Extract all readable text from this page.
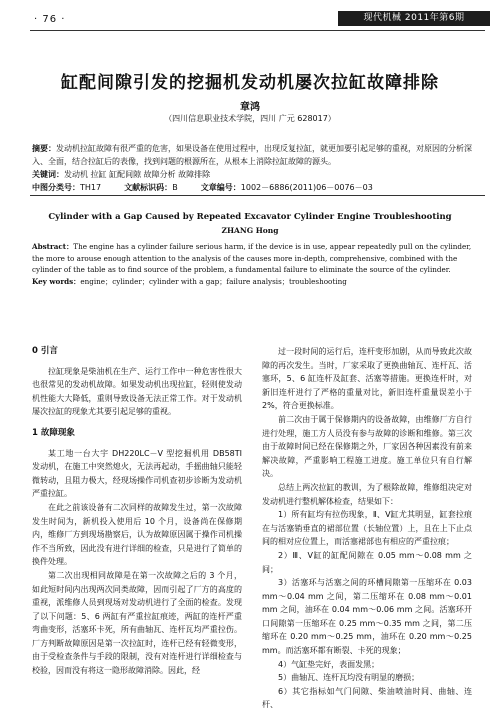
· 76 ·	现代机械 2011年第6期
缸配间隙引发的挖掘机发动机屡次拉缸故障排除
章鸿
（四川信息职业技术学院，四川 广元 628017）

摘要：发动机拉缸故障有很严重的危害，如果设备在使用过程中，出现反复拉缸，就更加要引起足够的重视，对原因的分析深入、全面，结合拉缸后的表像，找到问题的根源所在，从根本上消除拉缸故障的源头。

关键词：发动机 拉缸 缸配间隙 故障分析 故障排除

中图分类号：TH17	文献标识码：B	文章编号：1002－6886(2011)06－0076－03

Cylinder with a Gap Caused by Repeated Excavator Cylinder Engine Troubleshooting
ZHANG Hong

Abstract：The engine has a cylinder failure serious harm, if the device is in use, appear repeatedly pull on the cylinder, the more to arouse enough attention to the analysis of the causes more in-depth, comprehensive, combined with the cylinder of the table as to find source of the problem, a fundamental failure to eliminate the source of the cylinder.

Key words：engine；cylinder；cylinder with a gap；failure analysis；troubleshooting

0 引言

拉缸现象是柴油机在生产、运行工作中一种危害性很大也很常见的发动机故障。如果发动机出现拉缸，轻则使发动机性能大大降低，重则导致设备无法正常工作。对于发动机屡次拉缸的现象尤其要引起足够的重视。

1 故障现象

某工地一台大宇 DH220LC－V 型挖掘机用 DB58TI 发动机，在施工中突然熄火，无法再起动，手摇曲轴只能轻微转动，且阻力极大，经现场操作司机查初步诊断为发动机严重拉缸。

在此之前该设备有二次同样的故障发生过，第一次故障发生时间为，新机投入使用后 10 个月，设备尚在保修期内，维修厂方到现场勘察后，认为故障原因属于操作司机操作不当所致，因此没有进行详细的检查，只是进行了简单的换件处理。

第二次出现相同故障是在第一次故障之后的 3 个月，如此短时间内出现两次同类故障，因而引起了厂方的高度的重视，派维修人员到现场对发动机进行了全面的检查。发现了以下问题：5、6 两缸有严重拉缸痕迹，两缸的连杆严重弯曲变形，活塞环卡死，所有曲轴瓦、连杆瓦均严重拉伤。厂方判断故障原因是第一次拉缸时，连杆已经有轻微变形，由于受检查条件与手段的限制，没有对连杆进行详细检查与校验，因而没有将这一隐形故障消除。因此，经

过一段时间的运行后，连杆变形加剧，从而导致此次故障的再次发生。当时，厂家采取了更换曲轴瓦、连杆瓦、活塞环，5、6 缸连杆及缸套、活塞等措施。更换连杆时，对新旧连杆进行了严格的重量对比，新旧连杆重量误差小于 2%，符合更换标准。

前二次由于属于保修期内的设备故障，由维修厂方自行进行处理，施工方人员没有参与故障的诊断和维修。第三次由于故障时间已经在保修期之外，厂家因各种因素没有前来解决故障，严重影响工程施工进度。施工单位只有自行解决。

总结上两次拉缸的教训，为了根除故障，维修组决定对发动机进行整机解体检查，结果如下：

1）所有缸均有拉伤现象，Ⅱ、Ⅴ缸尤其明显，缸套拉痕在与活塞销垂直的裙部位置（长轴位置）上，且在上下止点间的相对应位置上，而活塞裙部也有相应的严重拉痕；

2）Ⅲ、Ⅴ缸的缸配间隙在 0.05 mm～0.08 mm 之间；

3）活塞环与活塞之间的环槽间隙第一压缩环在 0.03 mm～0.04 mm 之间，第二压缩环在 0.08 mm～0.01 mm 之间，油环在 0.04 mm～0.06 mm 之间。活塞环开口间隙第一压缩环在 0.25 mm～0.35 mm 之间，第二压缩环在 0.20 mm～0.25 mm，油环在 0.20 mm～0.25 mm。而活塞环都有断裂、卡死的现象；

4）气缸垫完好，表面发黑；

5）曲轴瓦、连杆瓦均没有明显的磨损；

6）其它指标如气门间隙、柴油喷油时间、曲轴、连杆、
